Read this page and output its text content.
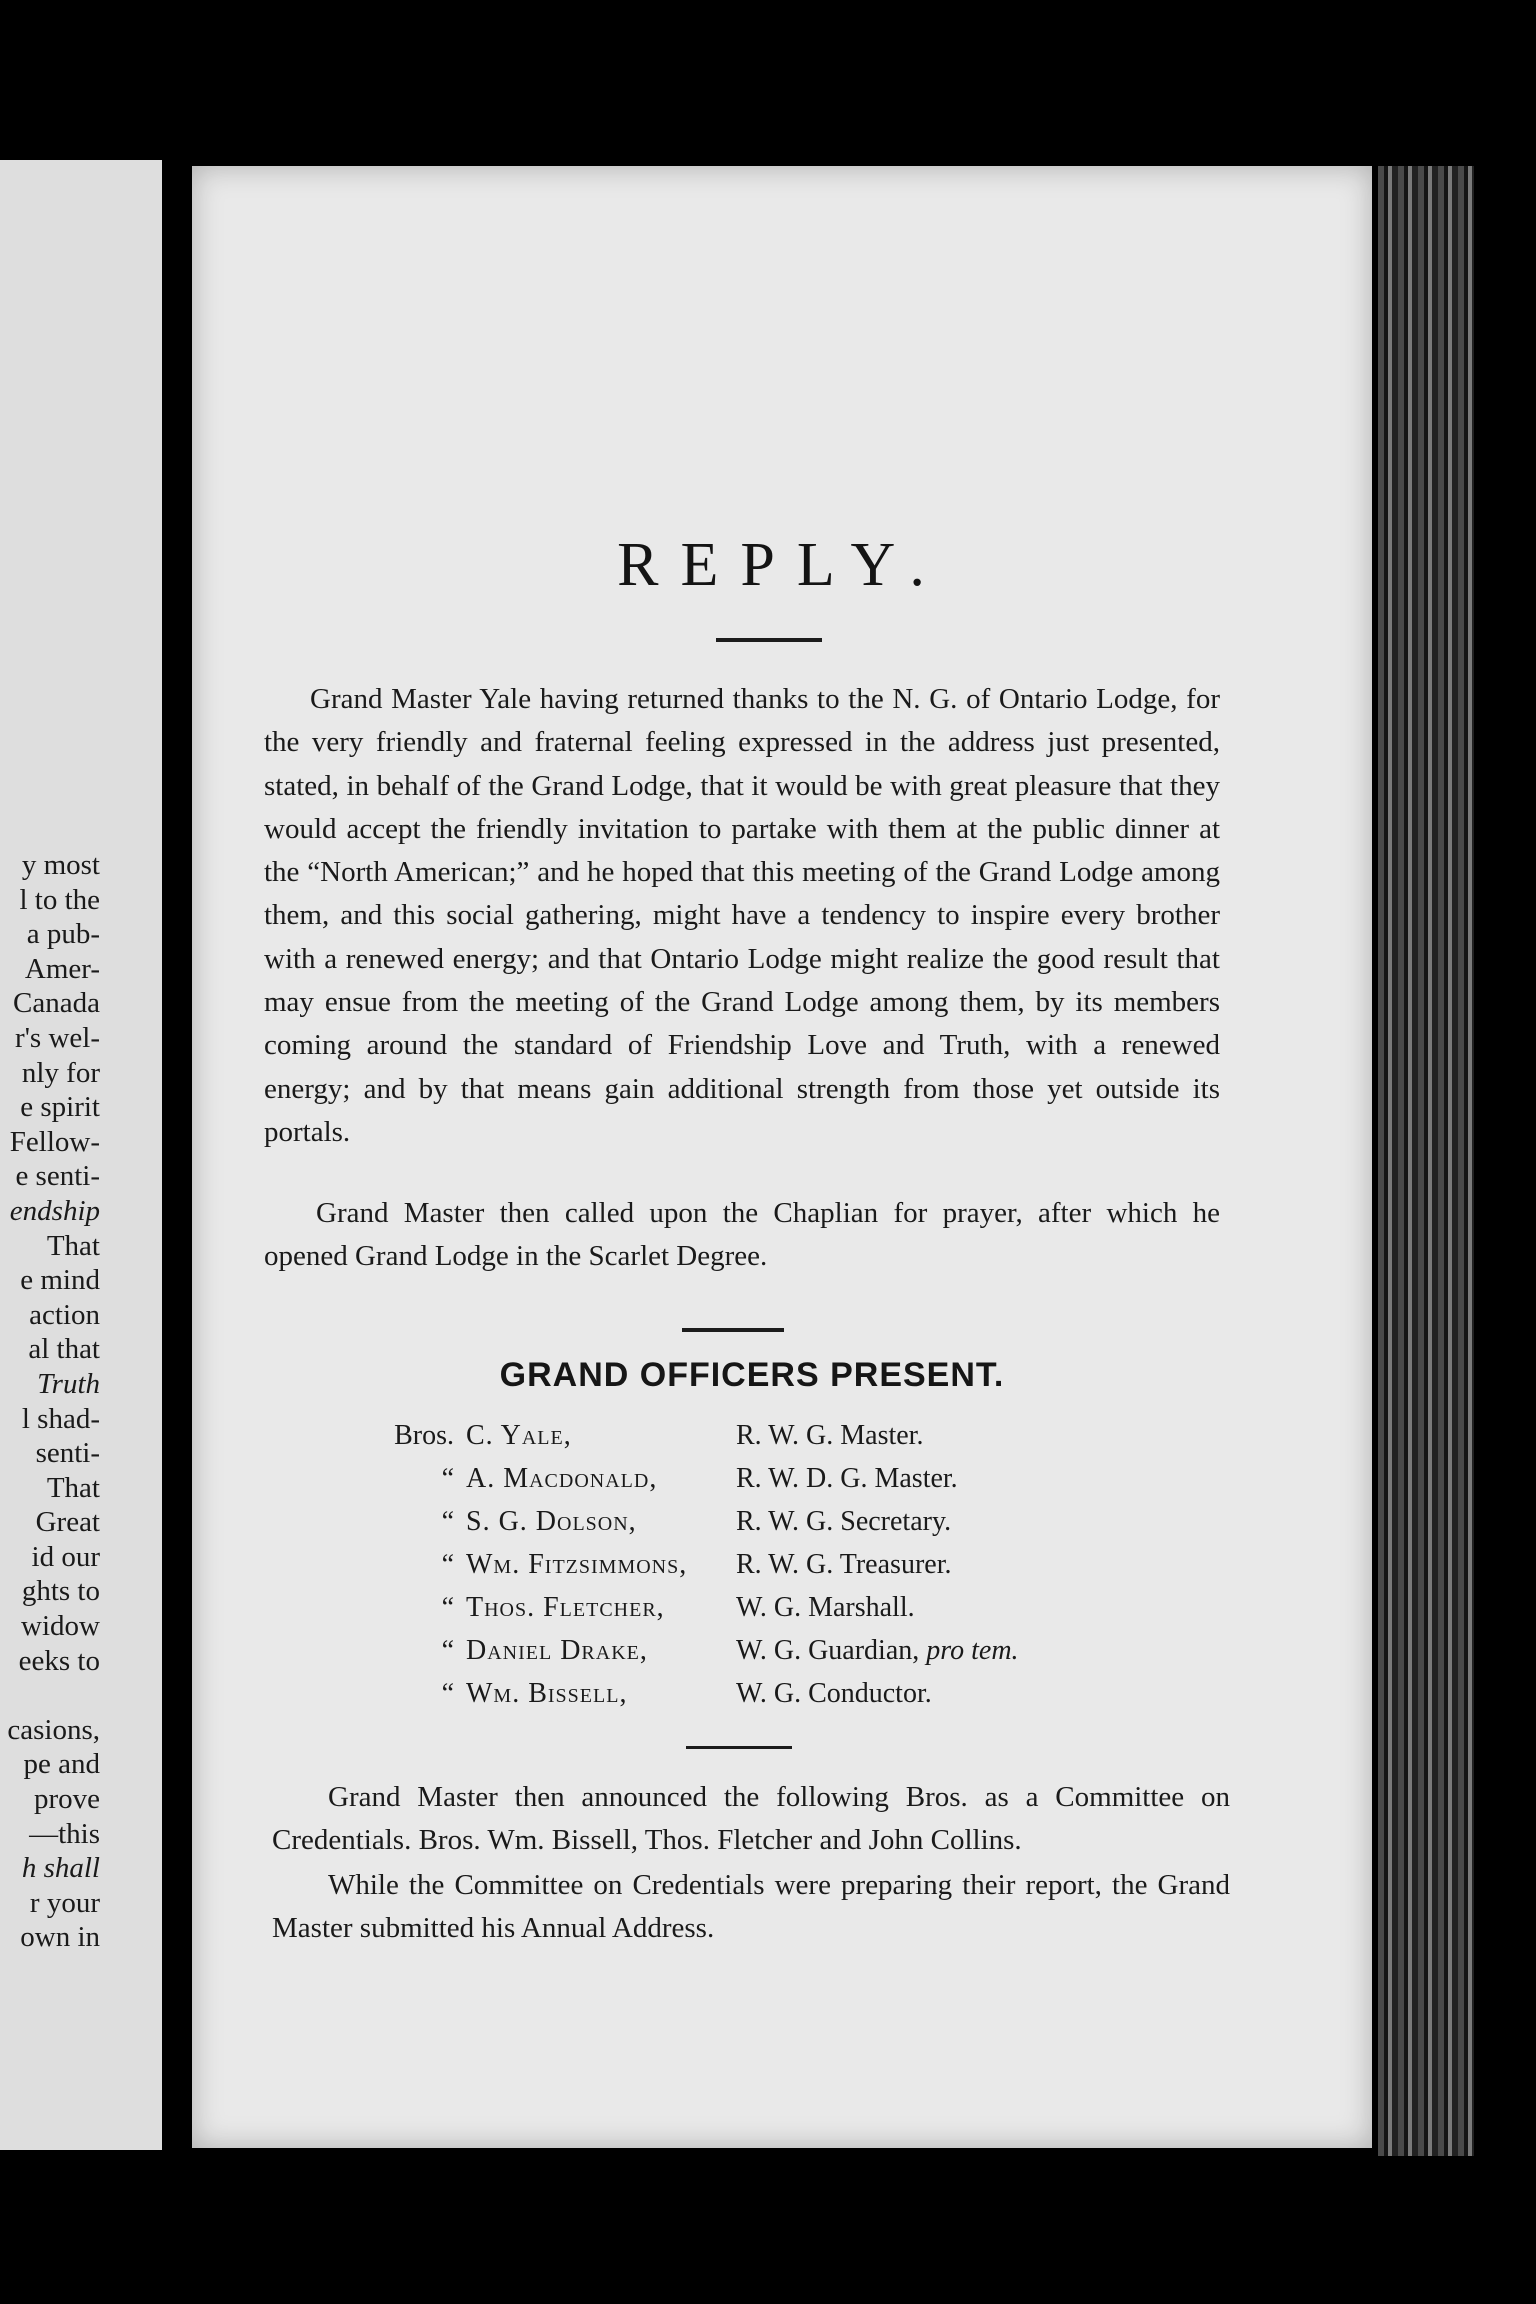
y most
l to the
a pub-
Amer-
Canada
r's wel-
nly for
e spirit
Fellow-
e senti-
endship
That
e mind
action
al that
Truth
l shad-
senti-
That
Great
id our
ghts to
widow
eeks to
casions,
pe and
prove
—this
h shall
r your
own in
REPLY.
Grand Master Yale having returned thanks to the N. G. of Ontario Lodge, for the very friendly and fraternal feeling expressed in the address just presented, stated, in behalf of the Grand Lodge, that it would be with great pleasure that they would accept the friendly invitation to partake with them at the public dinner at the “North American;” and he hoped that this meeting of the Grand Lodge among them, and this social gathering, might have a tendency to inspire every brother with a renewed energy; and that Ontario Lodge might realize the good result that may ensue from the meeting of the Grand Lodge among them, by its members coming around the standard of Friendship Love and Truth, with a renewed energy; and by that means gain additional strength from those yet outside its portals.
Grand Master then called upon the Chaplian for prayer, after which he opened Grand Lodge in the Scarlet Degree.
GRAND OFFICERS PRESENT.
Bros. C. Yale,	R. W. G. Master.
“ A. Macdonald,	R. W. D. G. Master.
“ S. G. Dolson,	R. W. G. Secretary.
“ Wm. Fitzsimmons,	R. W. G. Treasurer.
“ Thos. Fletcher,	W. G. Marshall.
“ Daniel Drake,	W. G. Guardian, pro tem.
“ Wm. Bissell,	W. G. Conductor.
Grand Master then announced the following Bros. as a Committee on Credentials. Bros. Wm. Bissell, Thos. Fletcher and John Collins.
While the Committee on Credentials were preparing their report, the Grand Master submitted his Annual Address.
